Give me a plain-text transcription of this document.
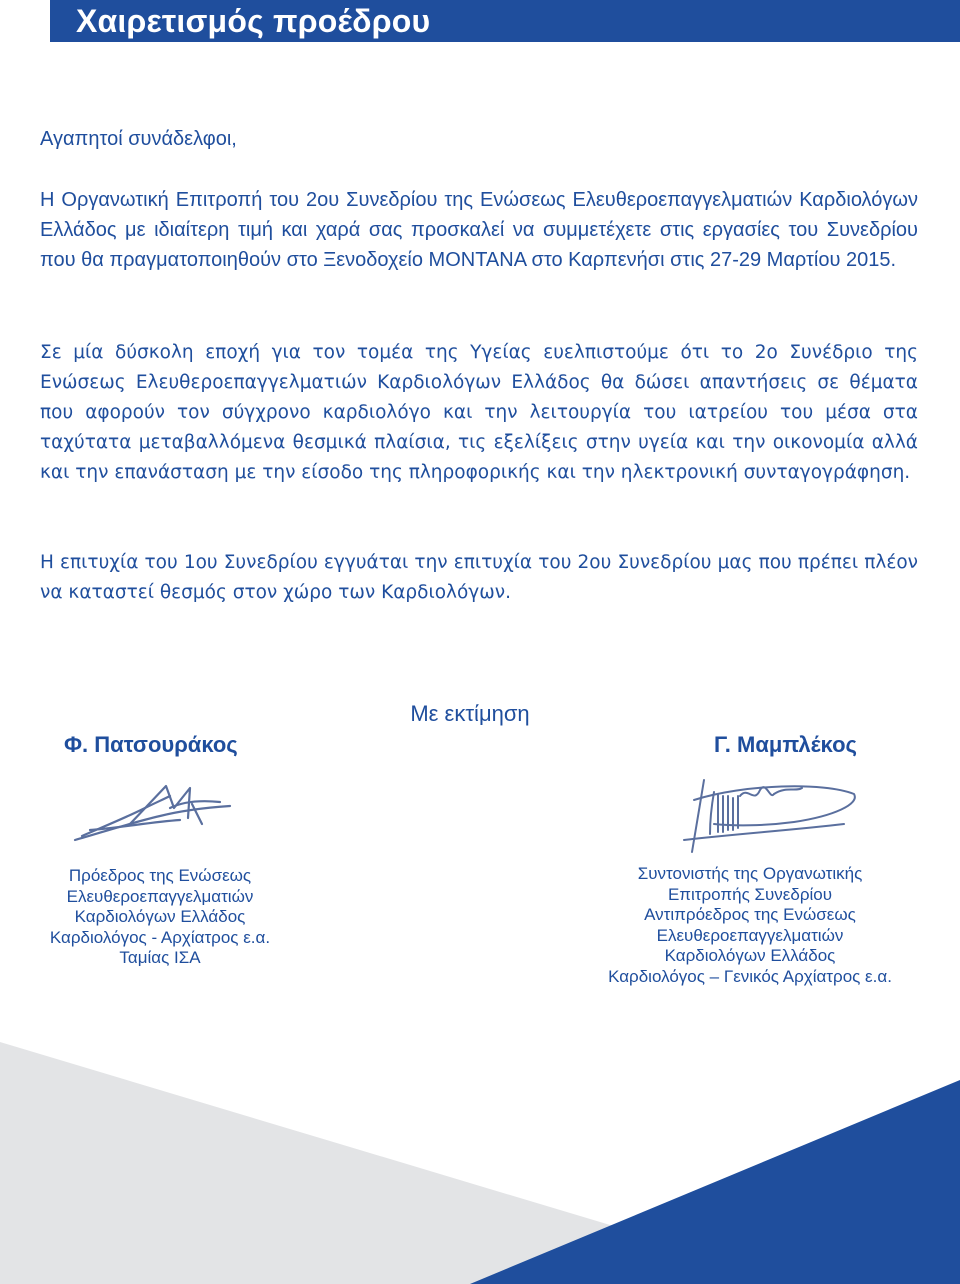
Χαιρετισμός προέδρου

Αγαπητοί συνάδελφοι,

Η Οργανωτική Επιτροπή του 2ου Συνεδρίου της Ενώσεως Ελευθεροεπαγγελματιών Καρδιολόγων Ελλάδος με ιδιαίτερη τιμή και χαρά σας προσκαλεί να συμμετέχετε στις εργασίες του Συνεδρίου που θα πραγματοποιηθούν στο Ξενοδοχείο MONTANA στο Καρπενήσι στις 27-29 Μαρτίου 2015.

Σε μία δύσκολη εποχή για τον τομέα της Υγείας ευελπιστούμε ότι το 2ο Συνέδριο της Ενώσεως Ελευθεροεπαγγελματιών Καρδιολόγων Ελλάδος θα δώσει απαντήσεις σε θέματα που αφορούν τον σύγχρονο καρδιολόγο και την λειτουργία του ιατρείου του μέσα στα ταχύτατα μεταβαλλόμενα θεσμικά πλαίσια, τις εξελίξεις στην υγεία και την οικονομία αλλά και την επανάσταση με την είσοδο της πληροφορικής και την ηλεκτρονική συνταγογράφηση.

Η επιτυχία του 1ου Συνεδρίου εγγυάται την επιτυχία του 2ου Συνεδρίου μας που πρέπει πλέον να καταστεί θεσμός στον χώρο των Καρδιολόγων.

Με εκτίμηση
Φ. Πατσουράκος
Πρόεδρος της Ενώσεως
Ελευθεροεπαγγελματιών
Καρδιολόγων Ελλάδος
Καρδιολόγος - Αρχίατρος ε.α.
Ταμίας ΙΣΑ
Γ. Μαμπλέκος
Συντονιστής της Οργανωτικής
Επιτροπής Συνεδρίου
Αντιπρόεδρος της Ενώσεως
Ελευθεροεπαγγελματιών
Καρδιολόγων Ελλάδος
Καρδιολόγος – Γενικός Αρχίατρος ε.α.
